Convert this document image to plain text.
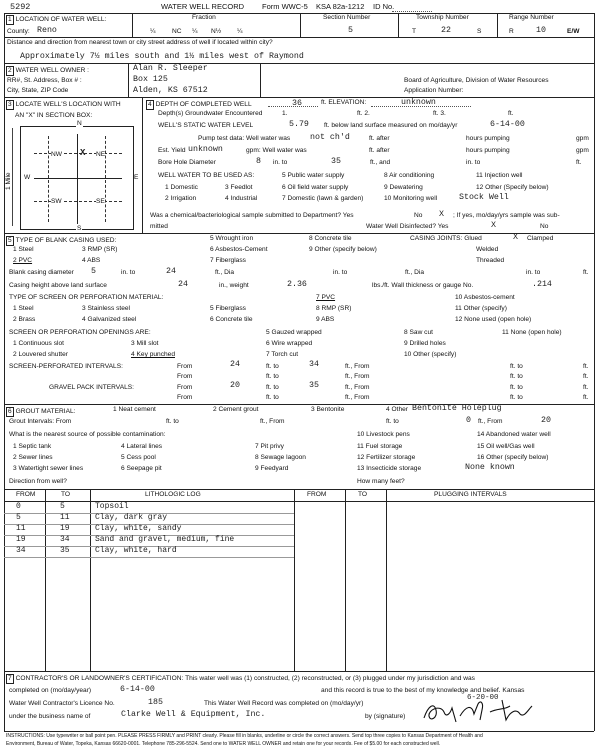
5292	WATER WELL RECORD Form WWC-5 KSA 82a-1212 ID No.
1 LOCATION OF WATER WELL:	Fraction
County: Reno	¼	NC ¼ N½ ¼
Section Number
5
Township Number
T	22	S
Range Number
R	10	E/W
Distance and direction from nearest town or city street address of well if located within city?
Approximately 7½ miles south and 1½ miles west of Raymond
2 WATER WELL OWNER :	Alan R. Sleeper
RR#, St. Address, Box # :	Box 125
City, State, ZIP Code	Alden, KS 67512
Board of Agriculture, Division of Water Resources
Application Number:
3 LOCATE WELL'S LOCATION WITH
AN "X" IN SECTION BOX:
N
S
E
W
1 Mile
NW	NE
SW	SE
X
4 DEPTH OF COMPLETED WELL	36	ft. ELEVATION:	unknown
Depth(s) Groundwater Encountered	1.	ft. 2.	ft. 3.	ft.
WELL'S STATIC WATER LEVEL	5.79 ft. below land surface measured on mo/day/yr	6-14-00
Pump test data: Well water was not ch'd	ft. after	hours pumping	gpm
Est. Yield unknown	gpm: Well water was	ft. after	hours pumping	gpm
Bore Hole Diameter	8 in. to	35	ft., and	in. to	ft.
WELL WATER TO BE USED AS:
1 Domestic
2 Irrigation
3 Feedlot
4 Industrial
5 Public water supply
6 Oil field water supply
7 Domestic (lawn & garden)
8 Air conditioning
9 Dewatering
10 Monitoring well	Stock Well
11 Injection well
12 Other (Specify below)
Was a chemical/bacteriological sample submitted to Department? Yes	No X ; If yes, mo/day/yrs sample was sub-
mitted	Water Well Disinfected? Yes	X	No
5 TYPE OF BLANK CASING USED:
1 Steel
2 PVC
3 RMP (SR)
4 ABS
5 Wrought iron
6 Asbestos-Cement
7 Fiberglass
8 Concrete tile
9 Other (specify below)
CASING JOINTS: Glued	X Clamped
Welded
Threaded
Blank casing diameter 5	in. to	24	ft., Dia	in. to	ft., Dia	in. to	ft.
Casing height above land surface	24	in., weight	2.36	lbs./ft. Wall thickness or gauge No.	.214
TYPE OF SCREEN OR PERFORATION MATERIAL:
1 Steel
2 Brass
3 Stainless steel
4 Galvanized steel
5 Fiberglass
6 Concrete tile
7 PVC
8 RMP (SR)
9 ABS
10 Asbestos-cement
11 Other (specify)
12 None used (open hole)
SCREEN OR PERFORATION OPENINGS ARE:
1 Continuous slot
2 Louvered shutter
3 Mill slot
4 Key punched
5 Gauzed wrapped
6 Wire wrapped
7 Torch cut
8 Saw cut
9 Drilled holes
10 Other (specify)
11 None (open hole)
SCREEN-PERFORATED INTERVALS:	From	24	ft. to	34	ft., From	ft. to	ft.
From	ft. to	ft., From	ft. to	ft.
GRAVEL PACK INTERVALS:	From	20	ft. to	35	ft., From	ft. to	ft.
From	ft. to	ft., From	ft. to	ft.
6 GROUT MATERIAL:	1 Neat cement	2 Cement grout	3 Bentonite	4 Other Bentonite Holeplug
Grout Intervals: From	ft. to	ft., From	ft. to	ft., From
0	20
What is the nearest source of possible contamination:
1 Septic tank
2 Sewer lines
3 Watertight sewer lines
4 Lateral lines
5 Cess pool
6 Seepage pit
7 Pit privy
8 Sewage lagoon
9 Feedyard
10 Livestock pens
11 Fuel storage
12 Fertilizer storage
13 Insecticide storage	None known
14 Abandoned water well
15 Oil well/Gas well
16 Other (specify below)
Direction from well?	How many feet?
FROM	TO	LITHOLOGIC LOG	FROM	TO	PLUGGING INTERVALS
0	5	Topsoil
5	11	Clay, dark gray
11	19	Clay, white, sandy
19	34	Sand and gravel, medium, fine
34	35	Clay, white, hard
7 CONTRACTOR'S OR LANDOWNER'S CERTIFICATION: This water well was (1) constructed, (2) reconstructed, or (3) plugged under my jurisdiction and was
completed on (mo/day/year)	6-14-00	and this record is true to the best of my knowledge and belief. Kansas
Water Well Contractor's Licence No.	185	This Water Well Record was completed on (mo/day/yr)
6-20-00
under the business name of	Clarke Well & Equipment, Inc.	by (signature)
INSTRUCTIONS: Use typewriter or ball point pen. PLEASE PRESS FIRMLY and PRINT clearly. Please fill in blanks, underline or circle the correct answers. Send top three copies to Kansas Department of Health and
Environment, Bureau of Water, Topeka, Kansas 66620-0001. Telephone 785-296-5524. Send one to WATER WELL OWNER and retain one for your records. Fee of $5.00 for each constructed well.
